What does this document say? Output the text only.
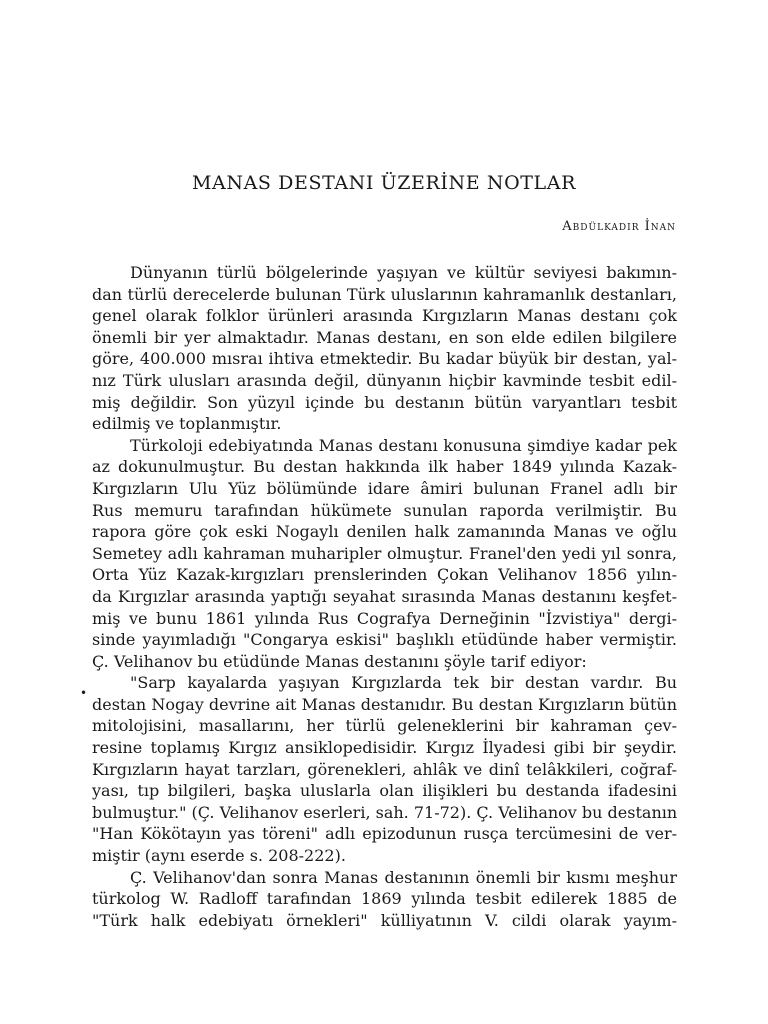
MANAS DESTANI ÜZERİNE NOTLAR
Abdülkadir İnan
•
Dünyanın türlü bölgelerinde yaşıyan ve kültür seviyesi bakımın-
dan türlü derecelerde bulunan Türk uluslarının kahramanlık destanları,
genel olarak folklor ürünleri arasında Kırgızların Manas destanı çok
önemli bir yer almaktadır. Manas destanı, en son elde edilen bilgilere
göre, 400.000 mısraı ihtiva etmektedir. Bu kadar büyük bir destan, yal-
nız Türk ulusları arasında değil, dünyanın hiçbir kavminde tesbit edil-
miş değildir. Son yüzyıl içinde bu destanın bütün varyantları tesbit
edilmiş ve toplanmıştır.
Türkoloji edebiyatında Manas destanı konusuna şimdiye kadar pek
az dokunulmuştur. Bu destan hakkında ilk haber 1849 yılında Kazak-
Kırgızların Ulu Yüz bölümünde idare âmiri bulunan Franel adlı bir
Rus memuru tarafından hükümete sunulan raporda verilmiştir. Bu
rapora göre çok eski Nogaylı denilen halk zamanında Manas ve oğlu
Semetey adlı kahraman muharipler olmuştur. Franel'den yedi yıl sonra,
Orta Yüz Kazak-kırgızları prenslerinden Çokan Velihanov 1856 yılın-
da Kırgızlar arasında yaptığı seyahat sırasında Manas destanını keşfet-
miş ve bunu 1861 yılında Rus Cografya Derneğinin "İzvistiya" dergi-
sinde yayımladığı "Congarya eskisi" başlıklı etüdünde haber vermiştir.
Ç. Velihanov bu etüdünde Manas destanını şöyle tarif ediyor:
"Sarp kayalarda yaşıyan Kırgızlarda tek bir destan vardır. Bu
destan Nogay devrine ait Manas destanıdır. Bu destan Kırgızların bütün
mitolojisini, masallarını, her türlü geleneklerini bir kahraman çev-
resine toplamış Kırgız ansiklopedisidir. Kırgız İlyadesi gibi bir şeydir.
Kırgızların hayat tarzları, görenekleri, ahlâk ve dinî telâkkileri, coğraf-
yası, tıp bilgileri, başka uluslarla olan ilişikleri bu destanda ifadesini
bulmuştur." (Ç. Velihanov eserleri, sah. 71-72). Ç. Velihanov bu destanın
"Han Kökötayın yas töreni" adlı epizodunun rusça tercümesini de ver-
miştir (aynı eserde s. 208-222).
Ç. Velihanov'dan sonra Manas destanının önemli bir kısmı meşhur
türkolog W. Radloff tarafından 1869 yılında tesbit edilerek 1885 de
"Türk halk edebiyatı örnekleri" külliyatının V. cildi olarak yayım-
